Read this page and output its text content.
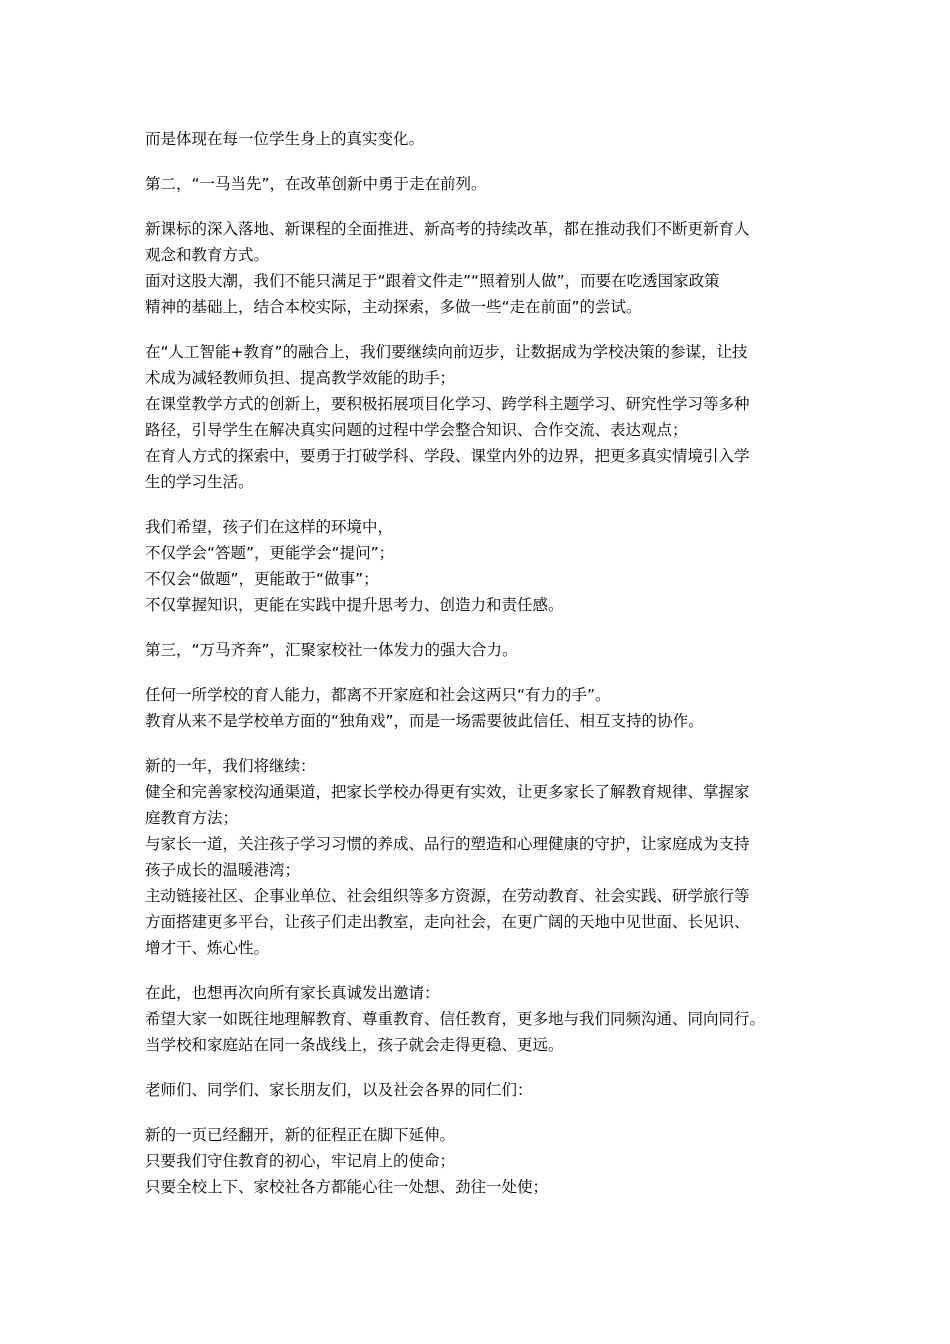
而是体现在每一位学生身上的真实变化。
第二，“一马当先”，在改革创新中勇于走在前列。
新课标的深入落地、新课程的全面推进、新高考的持续改革，都在推动我们不断更新育人
观念和教育方式。
面对这股大潮，我们不能只满足于“跟着文件走”“照着别人做”，而要在吃透国家政策
精神的基础上，结合本校实际，主动探索，多做一些“走在前面”的尝试。
在“人工智能+教育”的融合上，我们要继续向前迈步，让数据成为学校决策的参谋，让技
术成为减轻教师负担、提高教学效能的助手；
在课堂教学方式的创新上，要积极拓展项目化学习、跨学科主题学习、研究性学习等多种
路径，引导学生在解决真实问题的过程中学会整合知识、合作交流、表达观点；
在育人方式的探索中，要勇于打破学科、学段、课堂内外的边界，把更多真实情境引入学
生的学习生活。
我们希望，孩子们在这样的环境中，
不仅学会“答题”，更能学会“提问”；
不仅会“做题”，更能敢于“做事”；
不仅掌握知识，更能在实践中提升思考力、创造力和责任感。
第三，“万马齐奔”，汇聚家校社一体发力的强大合力。
任何一所学校的育人能力，都离不开家庭和社会这两只“有力的手”。
教育从来不是学校单方面的“独角戏”，而是一场需要彼此信任、相互支持的协作。
新的一年，我们将继续：
健全和完善家校沟通渠道，把家长学校办得更有实效，让更多家长了解教育规律、掌握家
庭教育方法；
与家长一道，关注孩子学习习惯的养成、品行的塑造和心理健康的守护，让家庭成为支持
孩子成长的温暖港湾；
主动链接社区、企事业单位、社会组织等多方资源，在劳动教育、社会实践、研学旅行等
方面搭建更多平台，让孩子们走出教室，走向社会，在更广阔的天地中见世面、长见识、
增才干、炼心性。
在此，也想再次向所有家长真诚发出邀请：
希望大家一如既往地理解教育、尊重教育、信任教育，更多地与我们同频沟通、同向同行。
当学校和家庭站在同一条战线上，孩子就会走得更稳、更远。
老师们、同学们、家长朋友们，以及社会各界的同仁们：
新的一页已经翻开，新的征程正在脚下延伸。
只要我们守住教育的初心，牢记肩上的使命；
只要全校上下、家校社各方都能心往一处想、劲往一处使；
